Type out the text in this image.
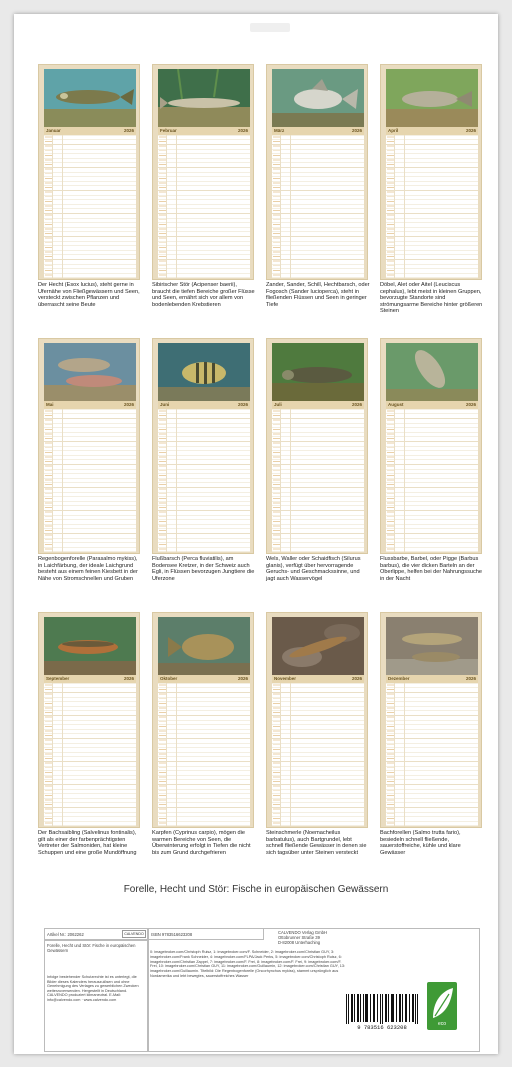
Januar	2026
Der Hecht (Esox lucius), steht gerne in Ufernähe von Fließgewässern und Seen, versteckt zwischen Pflanzen und überrascht seine Beute
Februar	2026
Sibirischer Stör (Acipenser baerii), braucht die tiefen Bereiche großer Flüsse und Seen, ernährt sich vor allem von bodenlebenden Krebstieren
März	2026
Zander, Sander, Schill, Hechtbarsch, oder Fogosch (Sander lucioperca), steht in fließenden Flüssen und Seen in geringer Tiefe
April	2026
Döbel, Alet oder Aitel (Leuciscus cephalus), lebt meist in kleinen Gruppen, bevorzugte Standorte sind strömungsarme Bereiche hinter größeren Steinen
Mai	2026
Regenbogenforelle (Parasalmo mykiss), in Laichfärbung, der ideale Laichgrund besteht aus einem feinen Kiesbett in der Nähe von Stromschnellen und Gruben
Juni	2026
Flußbarsch (Perca fluviatilis), am Bodensee Kretzer, in der Schweiz auch Egli, in Flüssen bevorzugen Jungtiere die Uferzone
Juli	2026
Wels, Waller oder Schaidfisch (Silurus glanis), verfügt über hervorragende Geruchs- und Geschmackssinne, und jagt auch Wasservögel
August	2026
Flussbarbe, Barbel, oder Pigge (Barbus barbus), die vier dicken Barteln an der Oberlippe, helfen bei der Nahrungssuche in der Nacht
September	2026
Der Bachsaibling (Salvelinus fontinalis), gilt als einer der farbenprächtigsten Vertreter der Salmoniden, hat kleine Schuppen und eine große Mundöffnung
Oktober	2026
Karpfen (Cyprinus carpio), mögen die warmen Bereiche von Seen, die Überwinterung erfolgt in Tiefen die nicht bis zum Grund durchgefrieren
November	2026
Steinschmerle (Noemacheilus barbatulus), auch Bartgrundel, lebt schnell fließende Gewässer in denen sie sich tagsüber unter Steinen versteckt
Dezember	2026
Bachforellen (Salmo trutta fario), besiedeln schnell fließende, sauerstoffreiche, kühle und klare Gewässer
Forelle, Hecht und Stör: Fische in europäischen Gewässern
Artikel Nr.: 2062262	CALVENDO
Forelle, Hecht und Stör: Fische in europäischen Gewässern
Infolge bestehender Schutzrechte ist es unterlegt, die Bilder dieses Kalenders herauszulösen und ohne Genehmigung des Verlages zu gewerblichen Zwecken weiterzuverwenden. Hergestellt in Deutschland. CALVENDO produziert klimaneutral. E-Mail: info@calvendo.com · www.calvendo.com
ISBN 9783516623208	CALVENDO Verlag GmbH
Ottobrunner Straße 39
D-82008 Unterhaching
0: imagebroker.com/Christoph Ruisz, 1: imagebroker.com/F. Schneider, 2: imagebroker.com/Christian GUY, 3: imagebroker.com/Frank Schneider, 4: imagebroker.com/FLPA/Jack Perks, 5: imagebroker.com/Christoph Ruisz, 6: imagebroker.com/Christian Zappel, 7: imagebroker.com/F. Frei, 8: imagebroker.com/F. Frei, 9: imagebroker.com/F. Frei, 10: imagebroker.com/Christian GUY, 11: imagebroker.com/Guillaumin, 12: imagebroker.com/Christian GUY, 13: imagebroker.com/Guillaumin. Titelbild: Die Regenbogenforelle (Oncorhynchus mykiss), stammt ursprünglich aus Nordamerika und lebt bewegtes, sauerstoffreiches Wasser
eco
9 783516 623208
